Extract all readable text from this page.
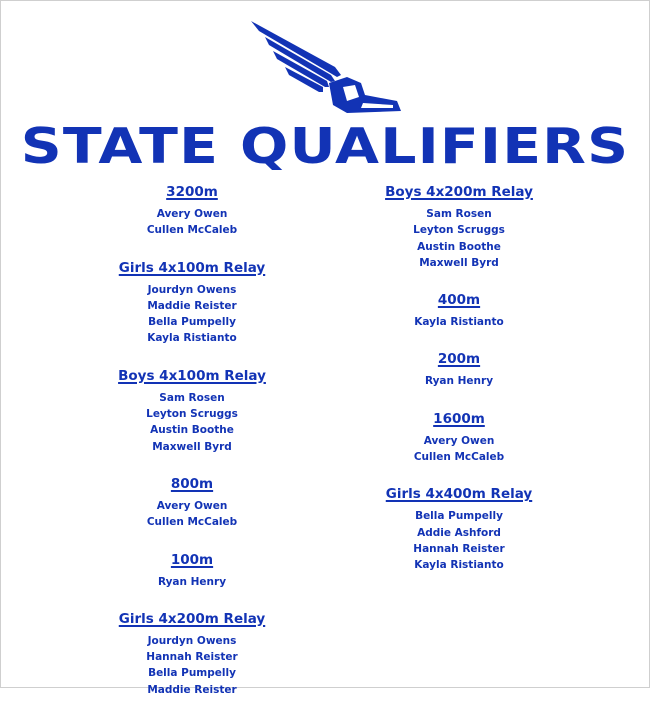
STATE QUALIFIERS
3200m
Avery Owen
Cullen McCaleb
Girls 4x100m Relay
Jourdyn Owens
Maddie Reister
Bella Pumpelly
Kayla Ristianto
Boys 4x100m Relay
Sam Rosen
Leyton Scruggs
Austin Boothe
Maxwell Byrd
800m
Avery Owen
Cullen McCaleb
100m
Ryan Henry
Girls 4x200m Relay
Jourdyn Owens
Hannah Reister
Bella Pumpelly
Maddie Reister
Boys 4x200m Relay
Sam Rosen
Leyton Scruggs
Austin Boothe
Maxwell Byrd
400m
Kayla Ristianto
200m
Ryan Henry
1600m
Avery Owen
Cullen McCaleb
Girls 4x400m Relay
Bella Pumpelly
Addie Ashford
Hannah Reister
Kayla Ristianto
